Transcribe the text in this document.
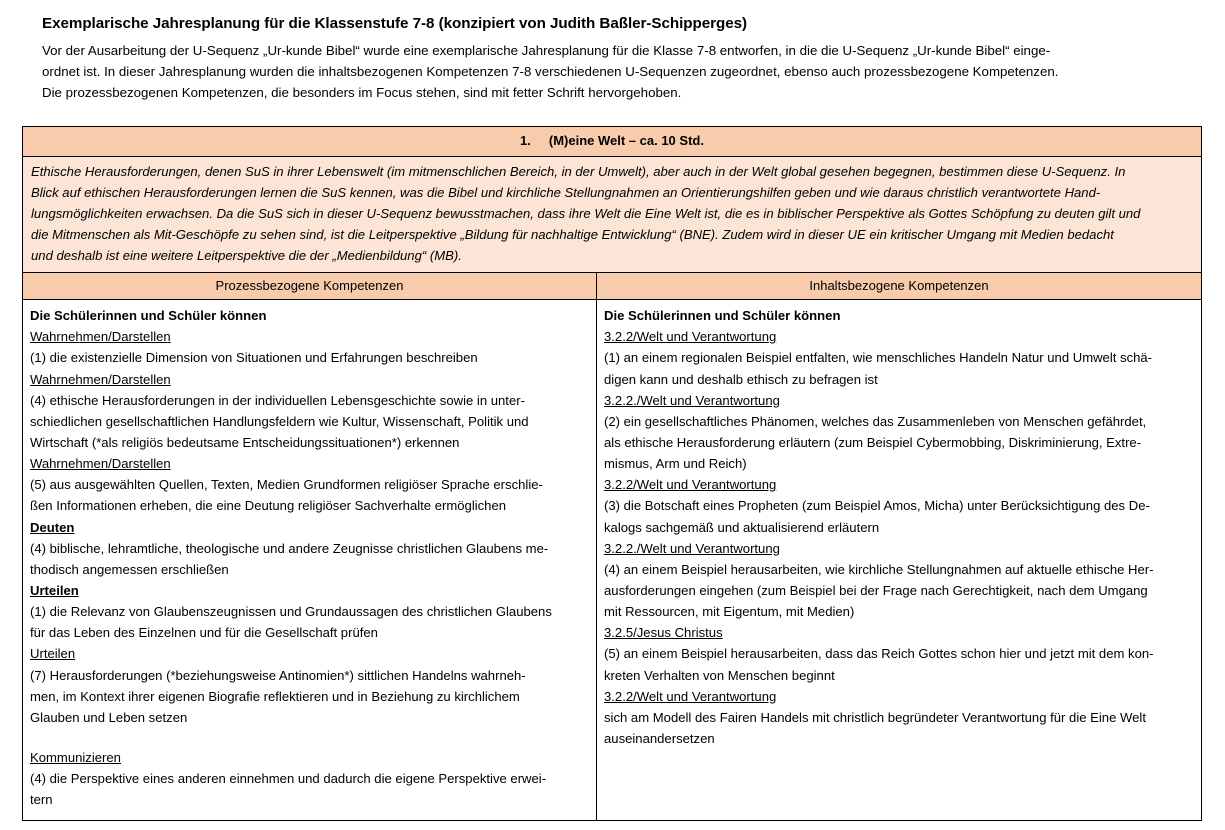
Exemplarische Jahresplanung für die Klassenstufe 7-8 (konzipiert von Judith Baßler-Schipperges)

Vor der Ausarbeitung der U-Sequenz „Ur-kunde Bibel“ wurde eine exemplarische Jahresplanung für die Klasse 7-8 entworfen, in die die U-Sequenz „Ur-kunde Bibel“ einge-
ordnet ist. In dieser Jahresplanung wurden die inhaltsbezogenen Kompetenzen 7-8 verschiedenen U-Sequenzen zugeordnet, ebenso auch prozessbezogene Kompetenzen.
Die prozessbezogenen Kompetenzen, die besonders im Focus stehen, sind mit fetter Schrift hervorgehoben.

1. (M)eine Welt – ca. 10 Std.
Ethische Herausforderungen, denen SuS in ihrer Lebenswelt (im mitmenschlichen Bereich, in der Umwelt), aber auch in der Welt global gesehen begegnen, bestimmen diese U-Sequenz. In
Blick auf ethischen Herausforderungen lernen die SuS kennen, was die Bibel und kirchliche Stellungnahmen an Orientierungshilfen geben und wie daraus christlich verantwortete Hand-
lungsmöglichkeiten erwachsen. Da die SuS sich in dieser U-Sequenz bewusstmachen, dass ihre Welt die Eine Welt ist, die es in biblischer Perspektive als Gottes Schöpfung zu deuten gilt und
die Mitmenschen als Mit-Geschöpfe zu sehen sind, ist die Leitperspektive „Bildung für nachhaltige Entwicklung“ (BNE). Zudem wird in dieser UE ein kritischer Umgang mit Medien bedacht
und deshalb ist eine weitere Leitperspektive die der „Medienbildung“ (MB).
Prozessbezogene Kompetenzen	Inhaltsbezogene Kompetenzen
Die Schülerinnen und Schüler können
Wahrnehmen/Darstellen
(1) die existenzielle Dimension von Situationen und Erfahrungen beschreiben
Wahrnehmen/Darstellen
(4) ethische Herausforderungen in der individuellen Lebensgeschichte sowie in unter-
schiedlichen gesellschaftlichen Handlungsfeldern wie Kultur, Wissenschaft, Politik und
Wirtschaft (*als religiös bedeutsame Entscheidungssituationen*) erkennen
Wahrnehmen/Darstellen
(5) aus ausgewählten Quellen, Texten, Medien Grundformen religiöser Sprache erschlie-
ßen Informationen erheben, die eine Deutung religiöser Sachverhalte ermöglichen
Deuten
(4) biblische, lehramtliche, theologische und andere Zeugnisse christlichen Glaubens me-
thodisch angemessen erschließen
Urteilen
(1) die Relevanz von Glaubenszeugnissen und Grundaussagen des christlichen Glaubens
für das Leben des Einzelnen und für die Gesellschaft prüfen
Urteilen
(7) Herausforderungen (*beziehungsweise Antinomien*) sittlichen Handelns wahrneh-
men, im Kontext ihrer eigenen Biografie reflektieren und in Beziehung zu kirchlichem
Glauben und Leben setzen
Kommunizieren
(4) die Perspektive eines anderen einnehmen und dadurch die eigene Perspektive erwei-
tern
Die Schülerinnen und Schüler können
3.2.2/Welt und Verantwortung
(1) an einem regionalen Beispiel entfalten, wie menschliches Handeln Natur und Umwelt schä-
digen kann und deshalb ethisch zu befragen ist
3.2.2./Welt und Verantwortung
(2) ein gesellschaftliches Phänomen, welches das Zusammenleben von Menschen gefährdet,
als ethische Herausforderung erläutern (zum Beispiel Cybermobbing, Diskriminierung, Extre-
mismus, Arm und Reich)
3.2.2/Welt und Verantwortung
(3) die Botschaft eines Propheten (zum Beispiel Amos, Micha) unter Berücksichtigung des De-
kalogs sachgemäß und aktualisierend erläutern
3.2.2./Welt und Verantwortung
(4) an einem Beispiel herausarbeiten, wie kirchliche Stellungnahmen auf aktuelle ethische Her-
ausforderungen eingehen (zum Beispiel bei der Frage nach Gerechtigkeit, nach dem Umgang
mit Ressourcen, mit Eigentum, mit Medien)
3.2.5/Jesus Christus
(5) an einem Beispiel herausarbeiten, dass das Reich Gottes schon hier und jetzt mit dem kon-
kreten Verhalten von Menschen beginnt
3.2.2/Welt und Verantwortung
sich am Modell des Fairen Handels mit christlich begründeter Verantwortung für die Eine Welt
auseinandersetzen
